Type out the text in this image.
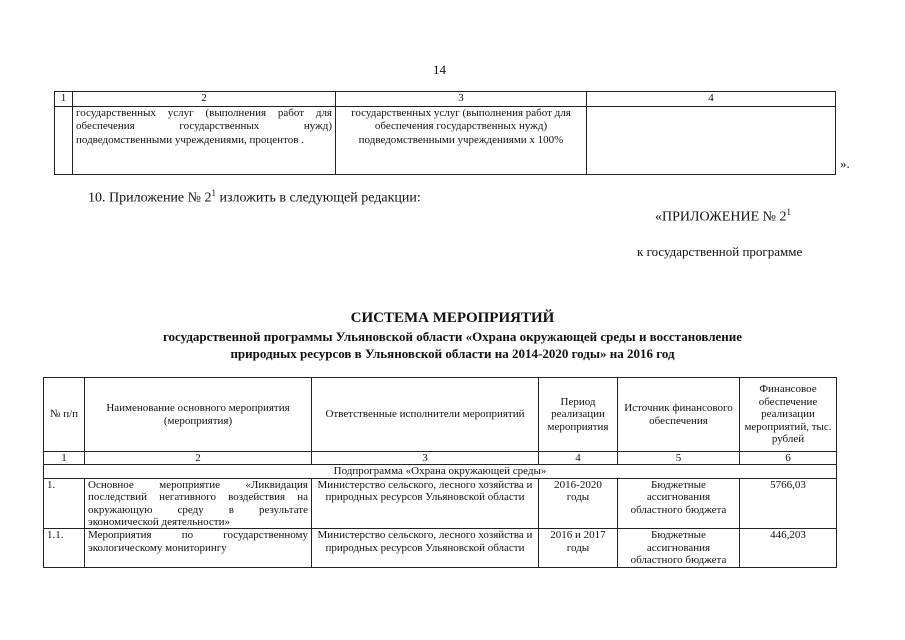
14
1	2	3	4
	государственных услуг (выполнения работ для обеспечения государственных нужд) подведомственными учреждениями, процентов .	государственных услуг (выполнения работ для обеспечения государственных нужд) подведомственными учреждениями х 100%	
».
10. Приложение № $2^1$ изложить в следующей редакции:
«ПРИЛОЖЕНИЕ № $2^1$
к государственной программе
СИСТЕМА МЕРОПРИЯТИЙ
государственной программы Ульяновской области «Охрана окружающей среды и восстановление
природных ресурсов в Ульяновской области на 2014-2020 годы» на 2016 год
№ п/п	Наименование основного мероприятия (мероприятия)	Ответственные исполнители мероприятий	Период реализации мероприятия	Источник финансового обеспечения	Финансовое обеспечение реализации мероприятий, тыс. рублей
1	2	3	4	5	6
Подпрограмма «Охрана окружающей среды»					
1.	Основное мероприятие «Ликвидация последствий негативного воздействия на окружающую среду в результате экономической деятельности»	Министерство сельского, лесного хозяйства и природных ресурсов Ульяновской области	2016-2020 годы	Бюджетные ассигнования областного бюджета	5766,03
1.1.	Мероприятия по государственному экологическому мониторингу	Министерство сельского, лесного хозяйства и природных ресурсов Ульяновской области	2016 и 2017 годы	Бюджетные ассигнования областного бюджета	446,203
